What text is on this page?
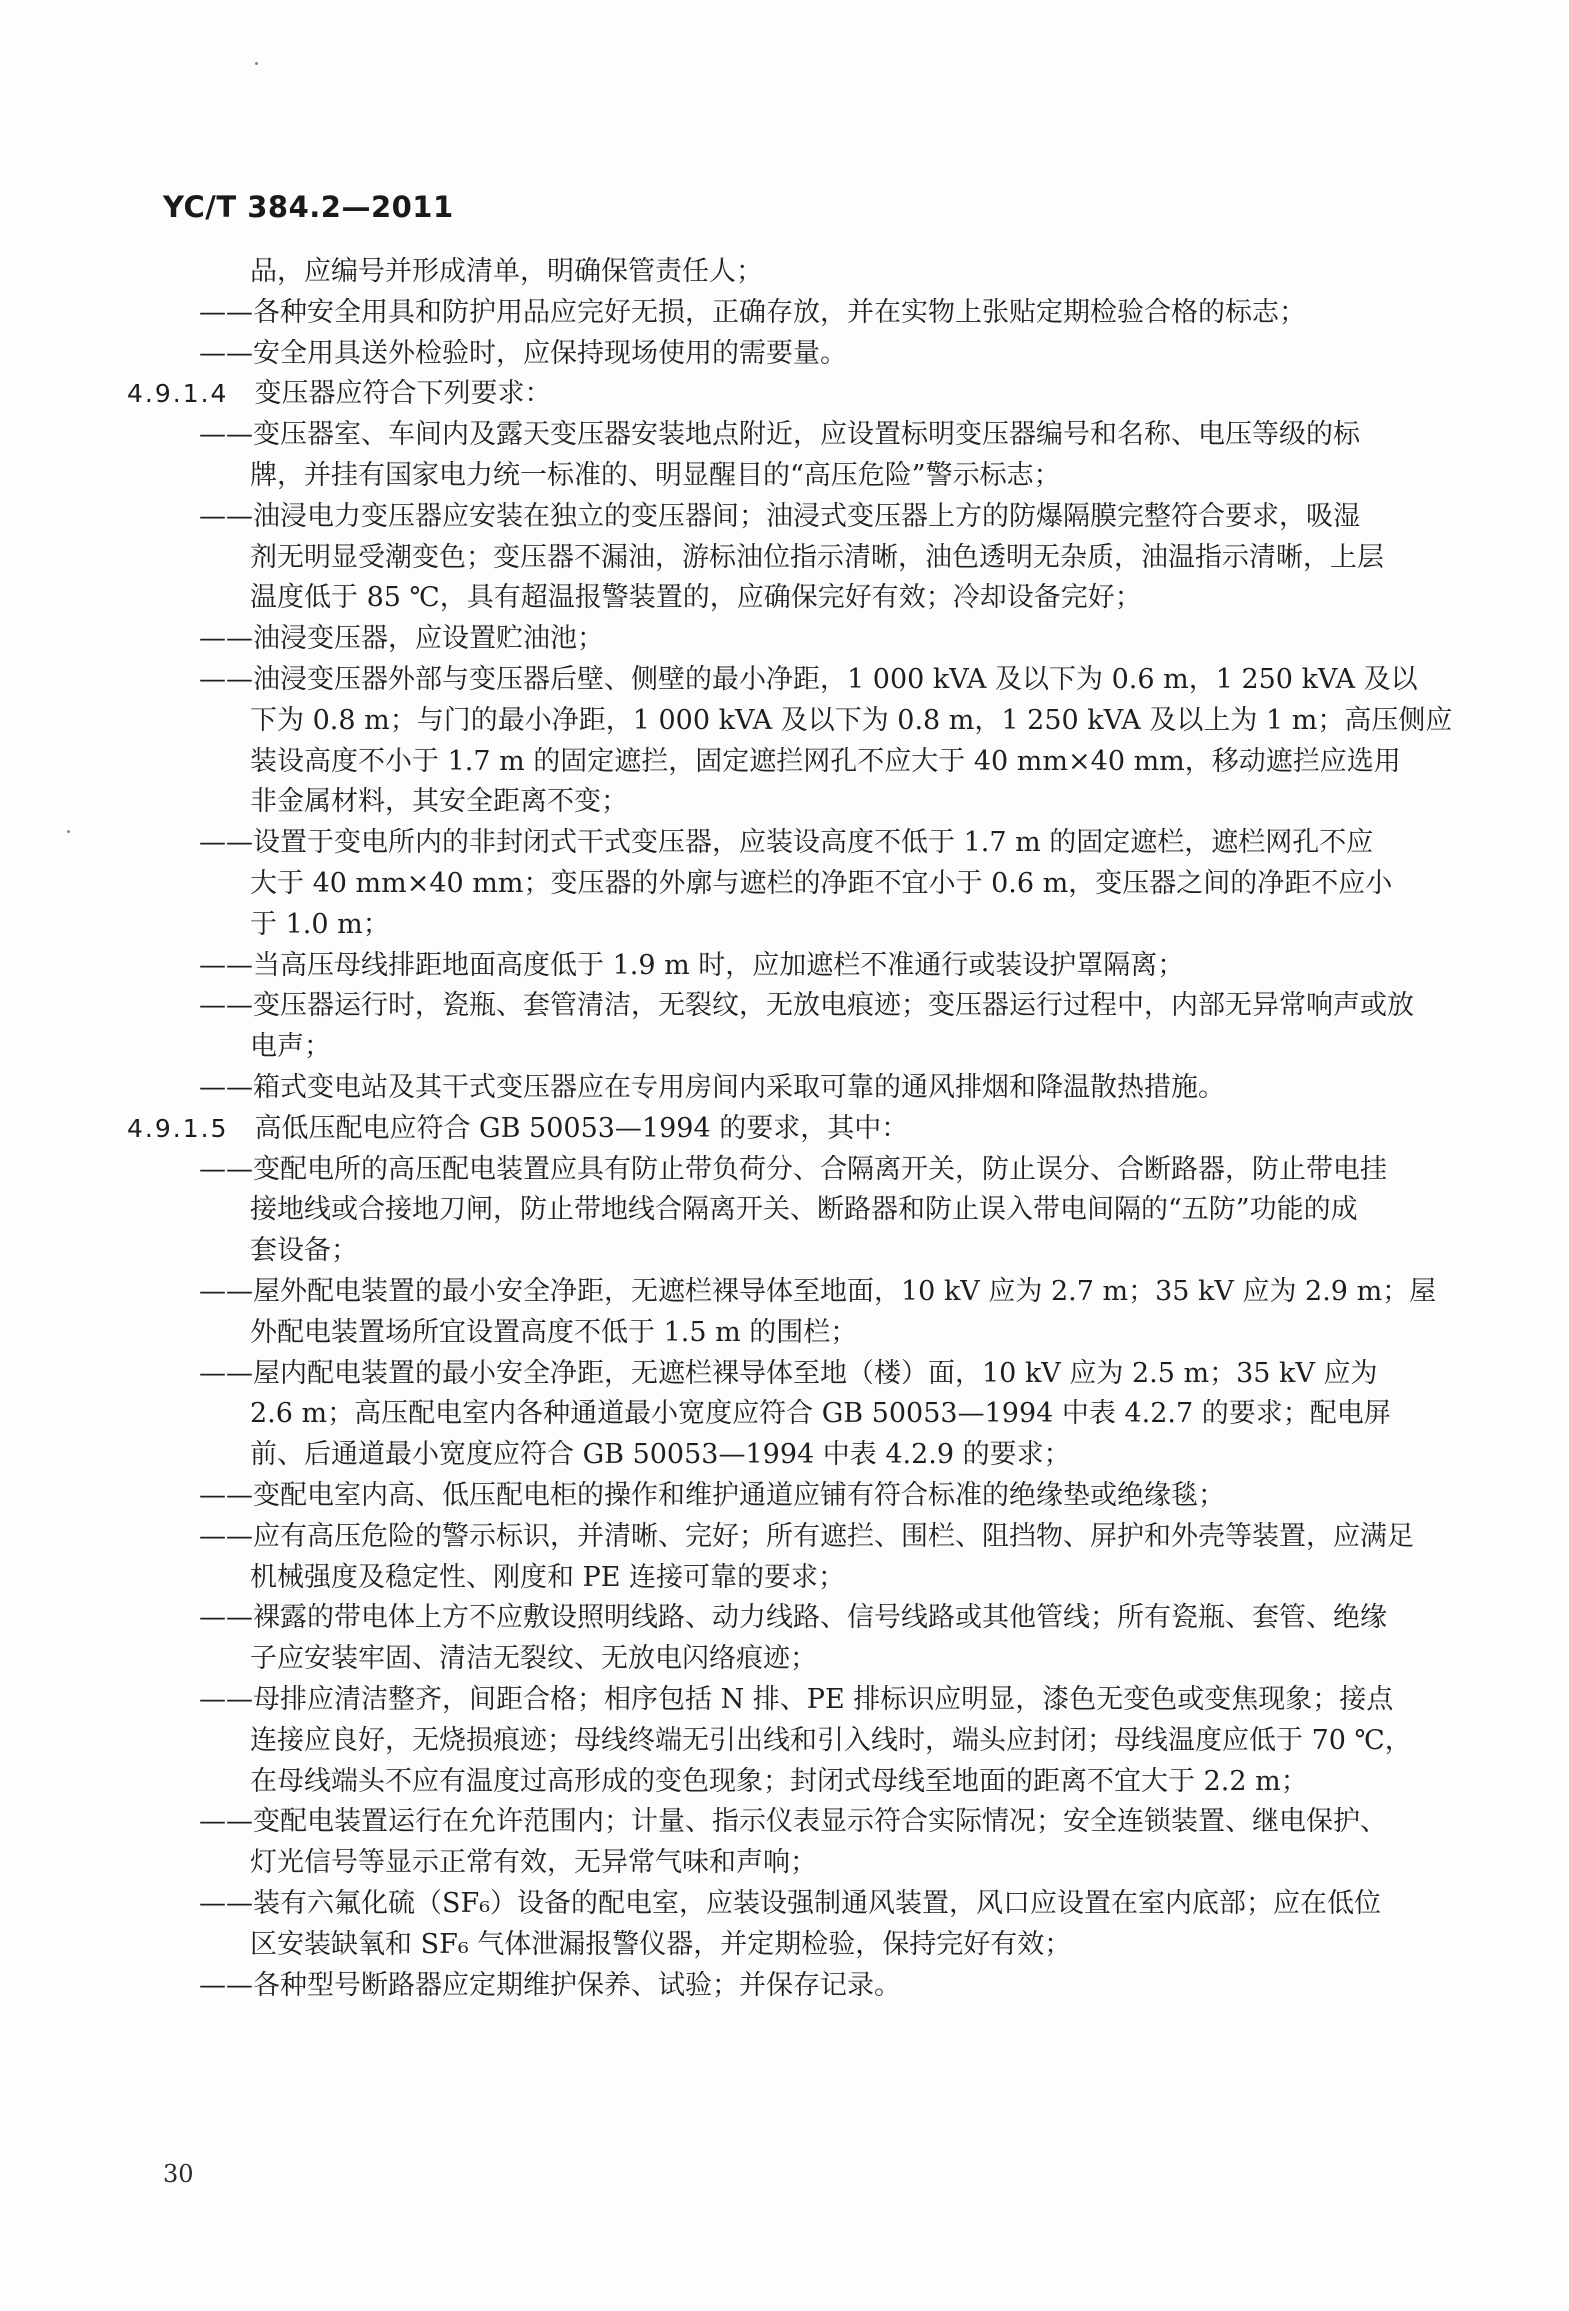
YC/T 384.2—2011
品，应编号并形成清单，明确保管责任人；
——各种安全用具和防护用品应完好无损，正确存放，并在实物上张贴定期检验合格的标志；
——安全用具送外检验时，应保持现场使用的需要量。
4.9.1.4 变压器应符合下列要求：
——变压器室、车间内及露天变压器安装地点附近，应设置标明变压器编号和名称、电压等级的标
牌，并挂有国家电力统一标准的、明显醒目的“高压危险”警示标志；
——油浸电力变压器应安装在独立的变压器间；油浸式变压器上方的防爆隔膜完整符合要求，吸湿
剂无明显受潮变色；变压器不漏油，游标油位指示清晰，油色透明无杂质，油温指示清晰，上层
温度低于 85 ℃，具有超温报警装置的，应确保完好有效；冷却设备完好；
——油浸变压器，应设置贮油池；
——油浸变压器外部与变压器后壁、侧壁的最小净距，1 000 kVA 及以下为 0.6 m，1 250 kVA 及以
下为 0.8 m；与门的最小净距，1 000 kVA 及以下为 0.8 m，1 250 kVA 及以上为 1 m；高压侧应
装设高度不小于 1.7 m 的固定遮拦，固定遮拦网孔不应大于 40 mm×40 mm，移动遮拦应选用
非金属材料，其安全距离不变；
——设置于变电所内的非封闭式干式变压器，应装设高度不低于 1.7 m 的固定遮栏，遮栏网孔不应
大于 40 mm×40 mm；变压器的外廓与遮栏的净距不宜小于 0.6 m，变压器之间的净距不应小
于 1.0 m；
——当高压母线排距地面高度低于 1.9 m 时，应加遮栏不准通行或装设护罩隔离；
——变压器运行时，瓷瓶、套管清洁，无裂纹，无放电痕迹；变压器运行过程中，内部无异常响声或放
电声；
——箱式变电站及其干式变压器应在专用房间内采取可靠的通风排烟和降温散热措施。
4.9.1.5 高低压配电应符合 GB 50053—1994 的要求，其中：
——变配电所的高压配电装置应具有防止带负荷分、合隔离开关，防止误分、合断路器，防止带电挂
接地线或合接地刀闸，防止带地线合隔离开关、断路器和防止误入带电间隔的“五防”功能的成
套设备；
——屋外配电装置的最小安全净距，无遮栏裸导体至地面，10 kV 应为 2.7 m；35 kV 应为 2.9 m；屋
外配电装置场所宜设置高度不低于 1.5 m 的围栏；
——屋内配电装置的最小安全净距，无遮栏裸导体至地（楼）面，10 kV 应为 2.5 m；35 kV 应为
2.6 m；高压配电室内各种通道最小宽度应符合 GB 50053—1994 中表 4.2.7 的要求；配电屏
前、后通道最小宽度应符合 GB 50053—1994 中表 4.2.9 的要求；
——变配电室内高、低压配电柜的操作和维护通道应铺有符合标准的绝缘垫或绝缘毯；
——应有高压危险的警示标识，并清晰、完好；所有遮拦、围栏、阻挡物、屏护和外壳等装置，应满足
机械强度及稳定性、刚度和 PE 连接可靠的要求；
——裸露的带电体上方不应敷设照明线路、动力线路、信号线路或其他管线；所有瓷瓶、套管、绝缘
子应安装牢固、清洁无裂纹、无放电闪络痕迹；
——母排应清洁整齐，间距合格；相序包括 N 排、PE 排标识应明显，漆色无变色或变焦现象；接点
连接应良好，无烧损痕迹；母线终端无引出线和引入线时，端头应封闭；母线温度应低于 70 ℃，
在母线端头不应有温度过高形成的变色现象；封闭式母线至地面的距离不宜大于 2.2 m；
——变配电装置运行在允许范围内；计量、指示仪表显示符合实际情况；安全连锁装置、继电保护、
灯光信号等显示正常有效，无异常气味和声响；
——装有六氟化硫（SF₆）设备的配电室，应装设强制通风装置，风口应设置在室内底部；应在低位
区安装缺氧和 SF₆ 气体泄漏报警仪器，并定期检验，保持完好有效；
——各种型号断路器应定期维护保养、试验；并保存记录。
30
